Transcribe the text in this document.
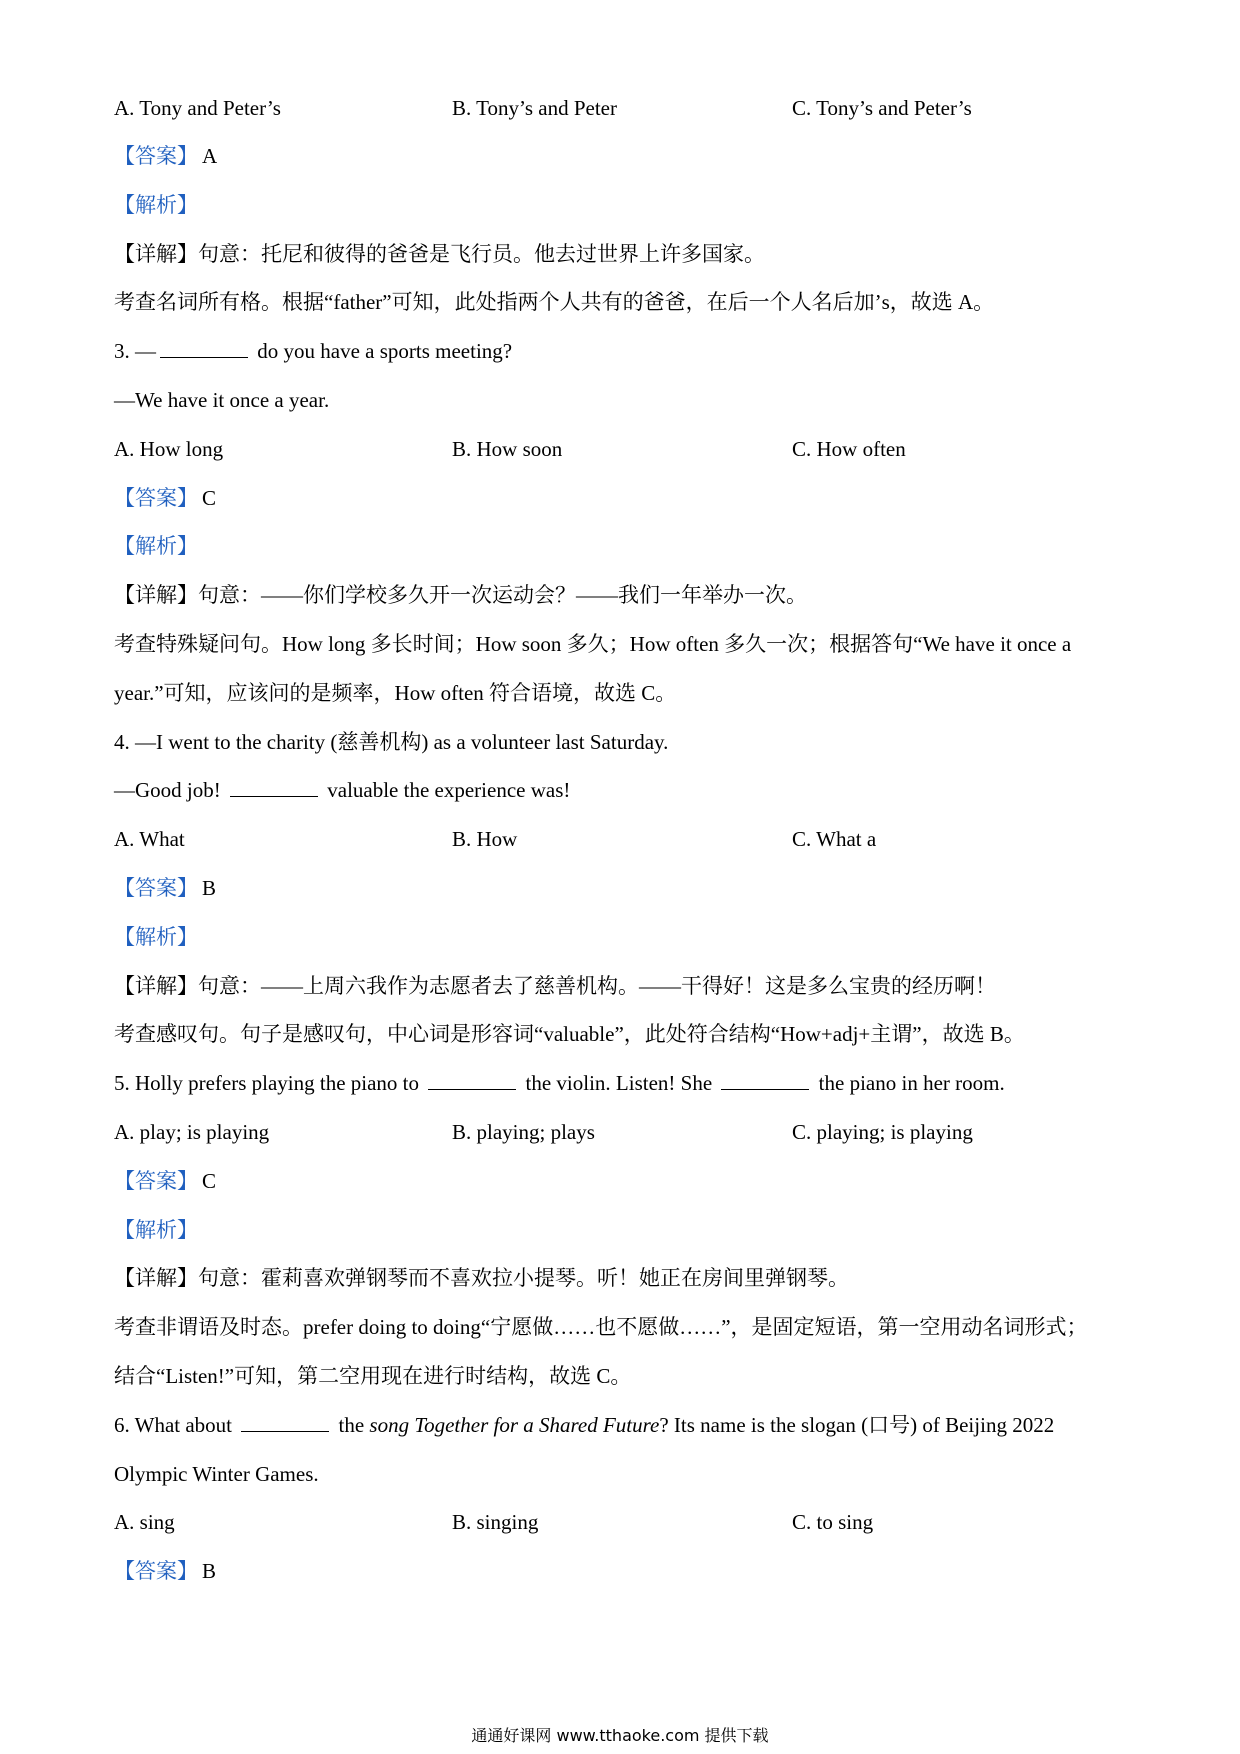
A. Tony and Peter’s	B. Tony’s and Peter	C. Tony’s and Peter’s
【答案】 A
【解析】
【详解】句意：托尼和彼得的爸爸是飞行员。他去过世界上许多国家。
考查名词所有格。根据“father”可知，此处指两个人共有的爸爸，在后一个人名后加’s，故选 A。
3. —	do you have a sports meeting?
—We have it once a year.
A. How long	B. How soon	C. How often
【答案】 C
【解析】
【详解】句意：——你们学校多久开一次运动会？——我们一年举办一次。
考查特殊疑问句。How long 多长时间；How soon 多久；How often 多久一次；根据答句“We have it once a
year.”可知，应该问的是频率，How often 符合语境，故选 C。
4. —I went to the charity (慈善机构) as a volunteer last Saturday.
—Good job!	valuable the experience was!
A. What	B. How	C. What a
【答案】 B
【解析】
【详解】句意：——上周六我作为志愿者去了慈善机构。——干得好！这是多么宝贵的经历啊！
考查感叹句。句子是感叹句，中心词是形容词“valuable”，此处符合结构“How+adj+主谓”，故选 B。
5. Holly prefers playing the piano to	the violin. Listen! She	the piano in her room.
A. play; is playing	B. playing; plays	C. playing; is playing
【答案】 C
【解析】
【详解】句意：霍莉喜欢弹钢琴而不喜欢拉小提琴。听！她正在房间里弹钢琴。
考查非谓语及时态。prefer doing to doing“宁愿做……也不愿做……”，是固定短语，第一空用动名词形式；
结合“Listen!”可知，第二空用现在进行时结构，故选 C。
6. What about	the song Together for a Shared Future? Its name is the slogan (口号) of Beijing 2022
Olympic Winter Games.
A. sing	B. singing	C. to sing
【答案】 B
通通好课网 www.tthaoke.com 提供下载
